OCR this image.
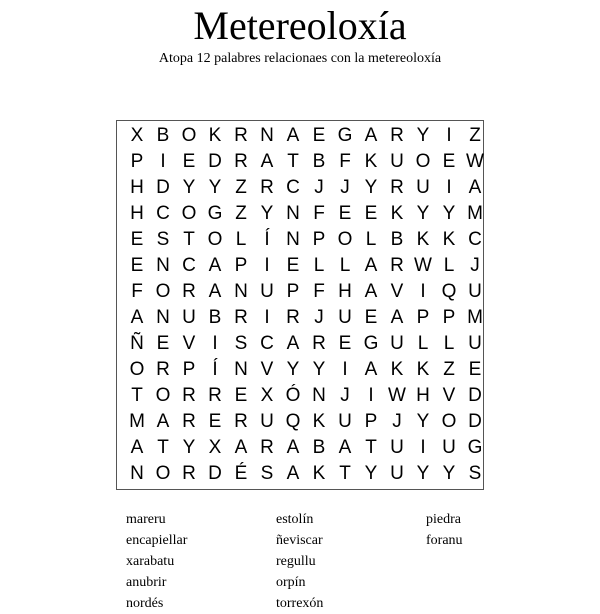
Metereoloxía
Atopa 12 palabres relacionaes con la metereoloxía
X B O K R N A E G A R Y I Z
P I E D R A T B F K U O E W
H D Y Y Z R C J J Y R U I A
H C O G Z Y N F E E K Y Y M
E S T O L Í N P O L B K K C
E N C A P I E L L A R W L J
F O R A N U P F H A V I Q U
A N U B R I R J U E A P P M
Ñ E V I S C A R E G U L L U
O R P Í N V Y Y I A K K Z E
T O R R E X Ó N J I W H V D
M A R E R U Q K U P J Y O D
A T Y X A R A B A T U I U G
N O R D É S A K T Y U Y Y S
mareru
encapiellar
xarabatu
anubrir
nordés
estolín
ñeviscar
regullu
orpín
torrexón
piedra
foranu
